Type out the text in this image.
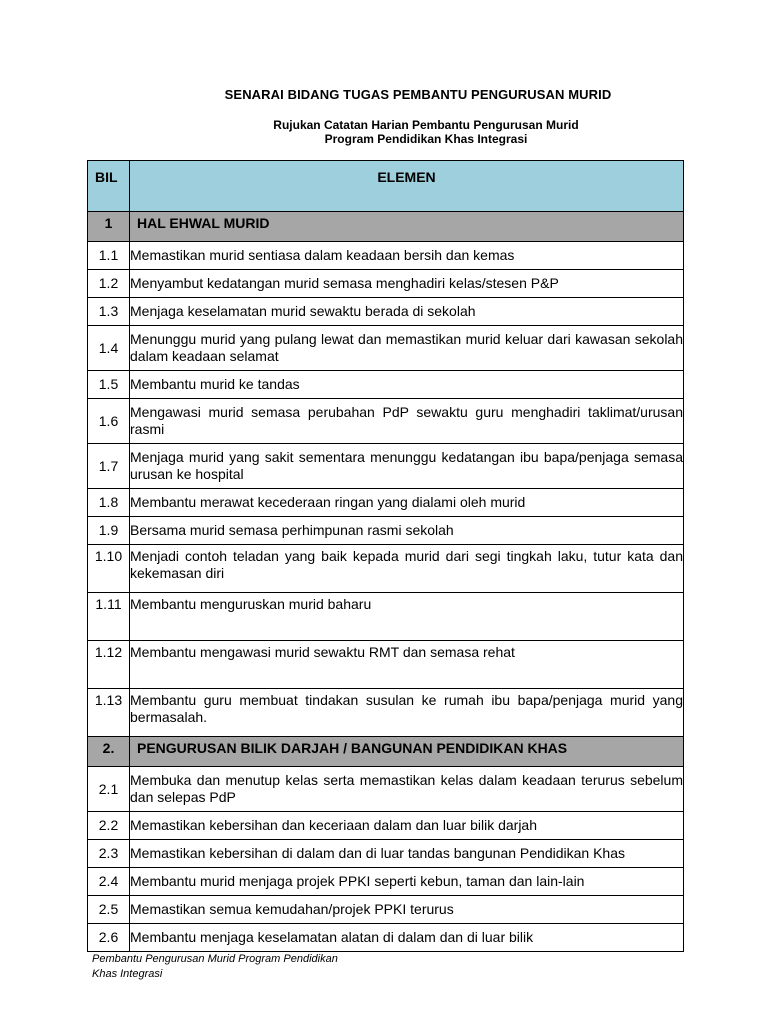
SENARAI BIDANG TUGAS PEMBANTU PENGURUSAN MURID
Rujukan Catatan Harian Pembantu Pengurusan Murid
Program Pendidikan Khas Integrasi
BIL	ELEMEN
1	HAL EHWAL MURID
1.1	Memastikan murid sentiasa dalam keadaan bersih dan kemas
1.2	Menyambut kedatangan murid semasa menghadiri kelas/stesen P&P
1.3	Menjaga keselamatan murid sewaktu berada di sekolah
1.4	Menunggu murid yang pulang lewat dan memastikan murid keluar dari kawasan sekolah dalam keadaan selamat
1.5	Membantu murid ke tandas
1.6	Mengawasi murid semasa perubahan PdP sewaktu guru menghadiri taklimat/urusan rasmi
1.7	Menjaga murid yang sakit sementara menunggu kedatangan ibu bapa/penjaga semasa urusan ke hospital
1.8	Membantu merawat kecederaan ringan yang dialami oleh murid
1.9	Bersama murid semasa perhimpunan rasmi sekolah
1.10	Menjadi contoh teladan yang baik kepada murid dari segi tingkah laku, tutur kata dan kekemasan diri
1.11	Membantu menguruskan murid baharu
1.12	Membantu mengawasi murid sewaktu RMT dan semasa rehat
1.13	Membantu guru membuat tindakan susulan ke rumah ibu bapa/penjaga murid yang bermasalah.
2.	PENGURUSAN BILIK DARJAH / BANGUNAN PENDIDIKAN KHAS
2.1	Membuka dan menutup kelas serta memastikan kelas dalam keadaan terurus sebelum dan selepas PdP
2.2	Memastikan kebersihan dan keceriaan dalam dan luar bilik darjah
2.3	Memastikan kebersihan di dalam dan di luar tandas bangunan Pendidikan Khas
2.4	Membantu murid menjaga projek PPKI seperti kebun, taman dan lain-lain
2.5	Memastikan semua kemudahan/projek PPKI terurus
2.6	Membantu menjaga keselamatan alatan di dalam dan di luar bilik
Pembantu Pengurusan Murid Program Pendidikan
Khas Integrasi
